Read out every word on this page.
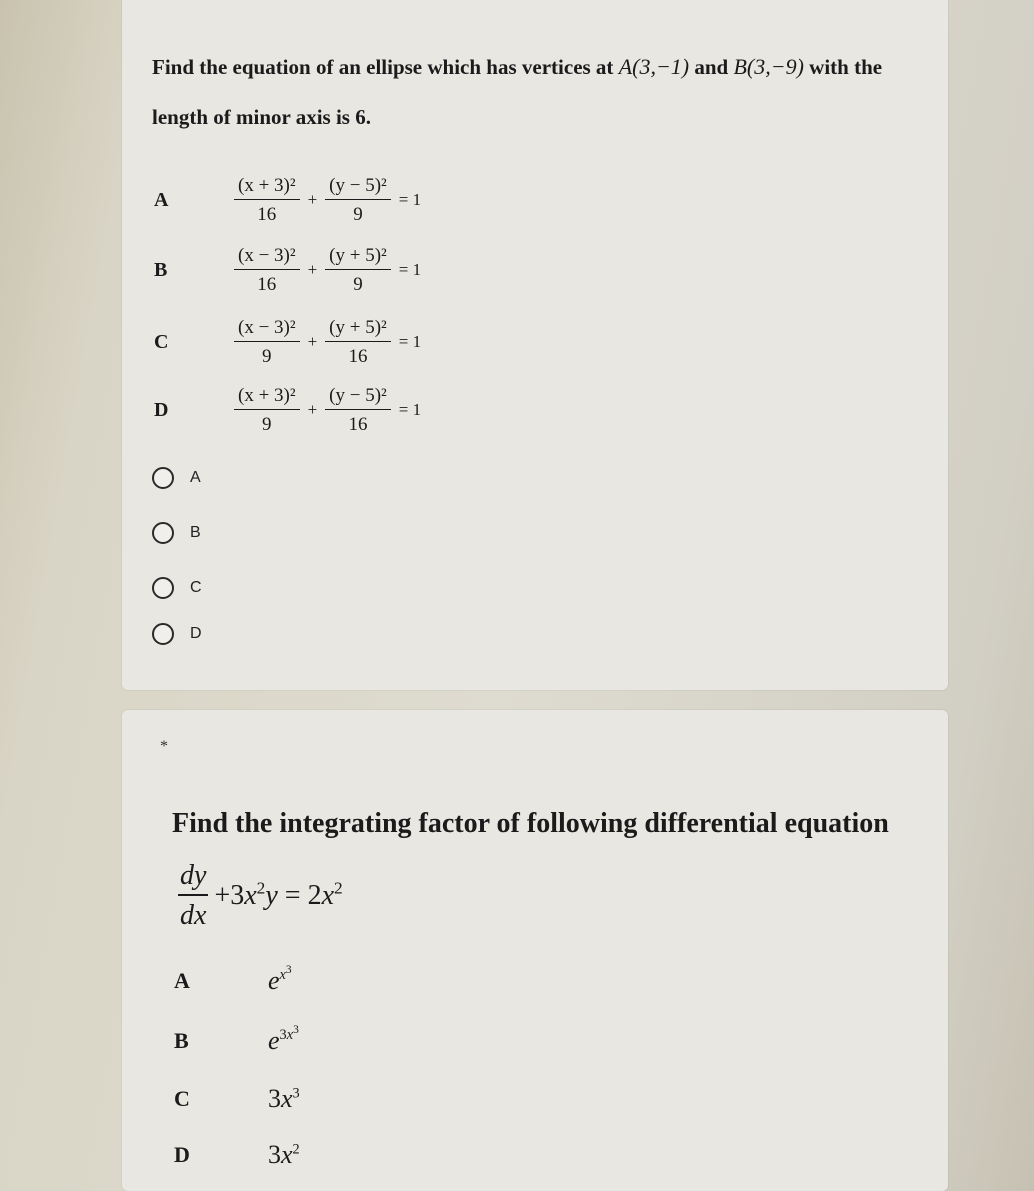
Find the equation of an ellipse which has vertices at A(3,−1) and B(3,−9) with the length of minor axis is 6.
A	$\frac{\text{(x + 3)²}}{16} + \frac{\text{(y − 5)²}}{9} = 1$
B	$\frac{\text{(x − 3)²}}{16} + \frac{\text{(y + 5)²}}{9} = 1$
C	$\frac{\text{(x − 3)²}}{9} + \frac{\text{(y + 5)²}}{16} = 1$
D	$\frac{\text{(x + 3)²}}{9} + \frac{\text{(y − 5)²}}{16} = 1$
A
B
C
D
*
Find the integrating factor of following differential equation
$\frac{dy}{dx} +3x^2y = 2x^2$
A	$e^{x^3}$
B	$e^{3x^3}$
C	$3x^3$
D	$3x^2$
